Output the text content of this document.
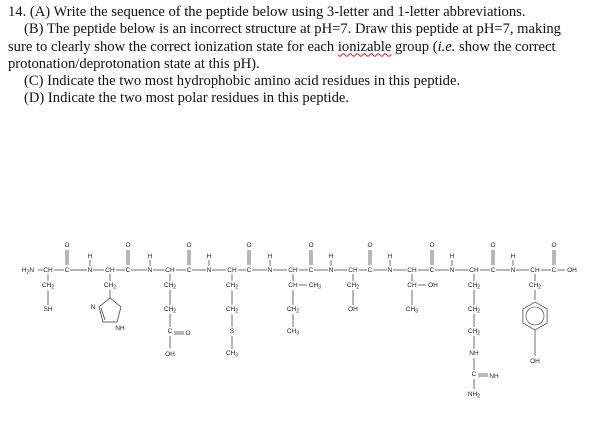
14. (A) Write the sequence of the peptide below using 3-letter and 1-letter abbreviations.

(B) The peptide below is an incorrect structure at pH=7. Draw this peptide at pH=7, making

sure to clearly show the correct ionization state for each ionizable group (i.e. show the correct

protonation/deprotonation state at this pH).

(C) Indicate the two most hydrophobic amino acid residues in this peptide.

(D) Indicate the two most polar residues in this peptide.

$H_2N$ CH C
O
N
H
CH C
O
N
H
CH C
O
N
H
CH C
O
N
H
CH C
O
N
H
CH C
O
N
H
CH C
O
N
H
CH C
O
N
H
CH C
O
OH
$CH_2$
SH
$CH_2$
N
NH
$CH_2$
$CH_2$
C O
OH
$CH_2$
$CH_2$
S
$CH_3$
CH $CH_3$
$CH_2$
$CH_3$
$CH_2$
OH
CH OH
$CH_3$
$CH_2$
$CH_2$
$CH_2$
NH
C NH
$NH_2$
$CH_2$
OH
